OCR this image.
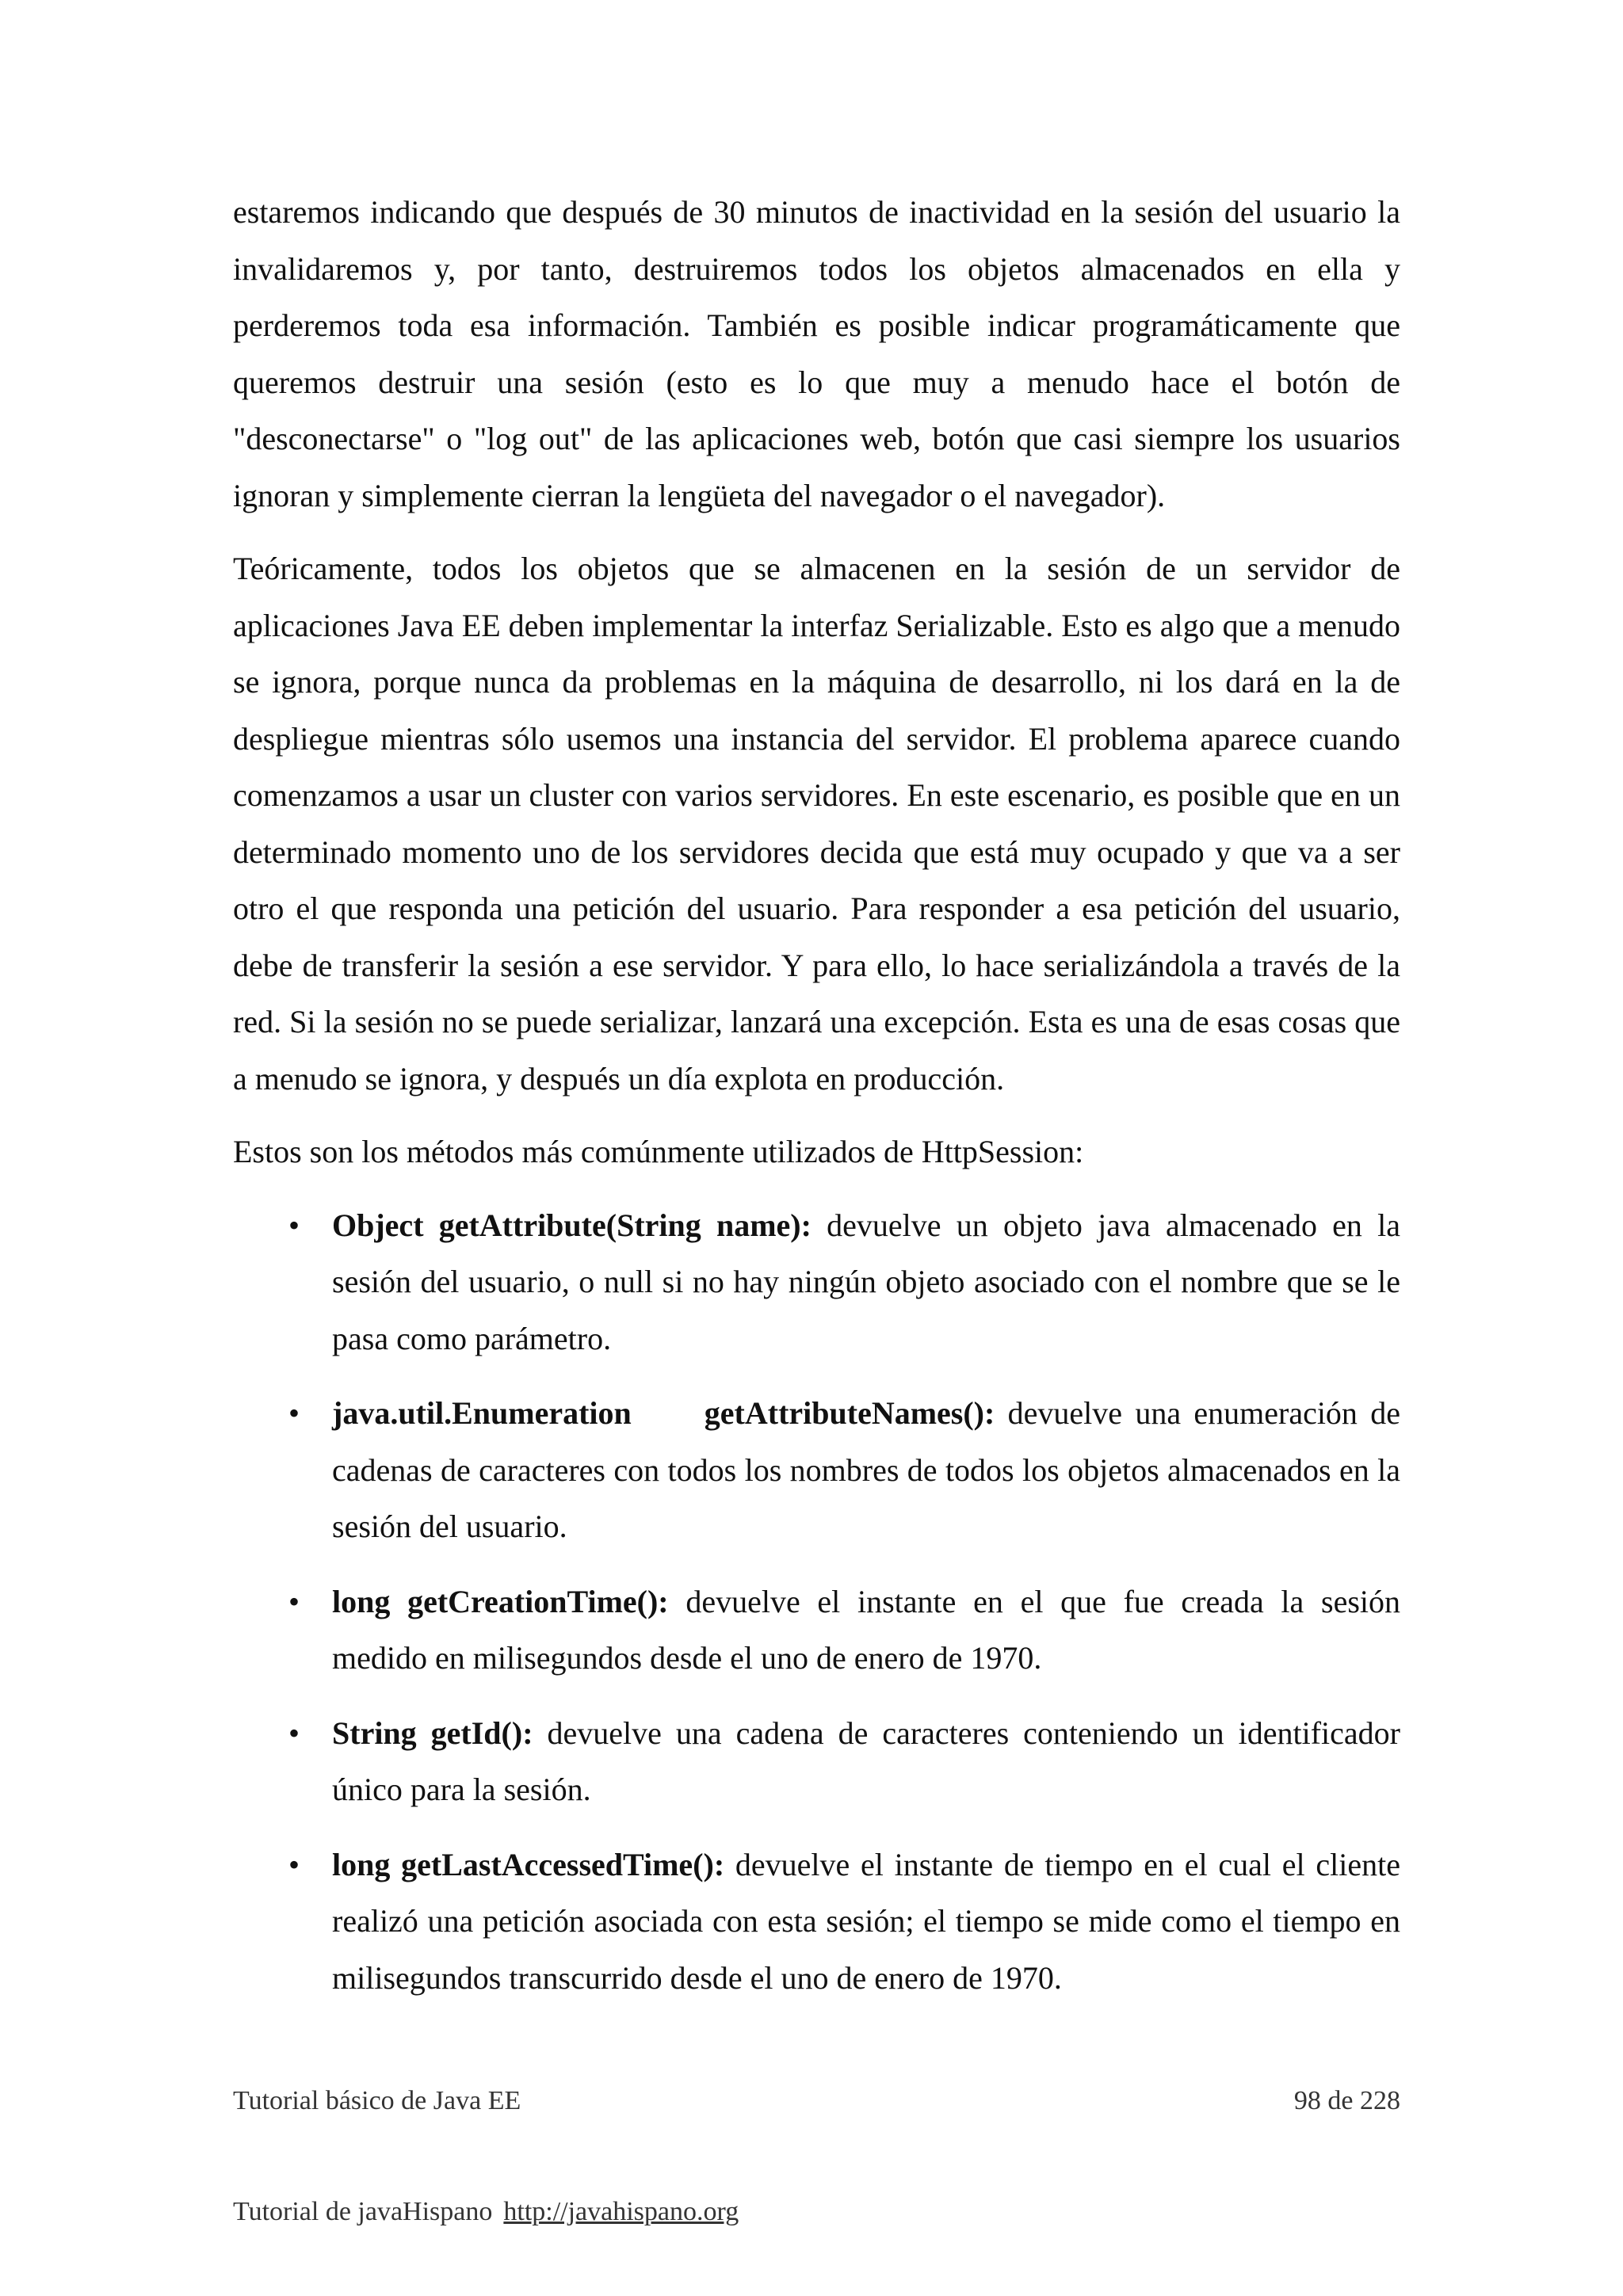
estaremos indicando que después de 30 minutos de inactividad en la sesión del usuario la invalidaremos y, por tanto, destruiremos todos los objetos almacenados en ella y perderemos toda esa información. También es posible indicar programáticamente que queremos destruir una sesión (esto es lo que muy a menudo hace el botón de "desconectarse" o "log out" de las aplicaciones web, botón que casi siempre los usuarios ignoran y simplemente cierran la lengüeta del navegador o el navegador).

Teóricamente, todos los objetos que se almacenen en la sesión de un servidor de aplicaciones Java EE deben implementar la interfaz Serializable. Esto es algo que a menudo se ignora, porque nunca da problemas en la máquina de desarrollo, ni los dará en la de despliegue mientras sólo usemos una instancia del servidor. El problema aparece cuando comenzamos a usar un cluster con varios servidores. En este escenario, es posible que en un determinado momento uno de los servidores decida que está muy ocupado y que va a ser otro el que responda una petición del usuario. Para responder a esa petición del usuario, debe de transferir la sesión a ese servidor. Y para ello, lo hace serializándola a través de la red. Si la sesión no se puede serializar, lanzará una excepción. Esta es una de esas cosas que a menudo se ignora, y después un día explota en producción.

Estos son los métodos más comúnmente utilizados de HttpSession:

• Object getAttribute(String name): devuelve un objeto java almacenado en la sesión del usuario, o null si no hay ningún objeto asociado con el nombre que se le pasa como parámetro.
• java.util.Enumeration getAttributeNames(): devuelve una enumeración de cadenas de caracteres con todos los nombres de todos los objetos almacenados en la sesión del usuario.
• long getCreationTime(): devuelve el instante en el que fue creada la sesión medido en milisegundos desde el uno de enero de 1970.
• String getId(): devuelve una cadena de caracteres conteniendo un identificador único para la sesión.
• long getLastAccessedTime(): devuelve el instante de tiempo en el cual el cliente realizó una petición asociada con esta sesión; el tiempo se mide como el tiempo en milisegundos transcurrido desde el uno de enero de 1970.
Tutorial básico de Java EE	98 de 228
Tutorial de javaHispano http://javahispano.org
